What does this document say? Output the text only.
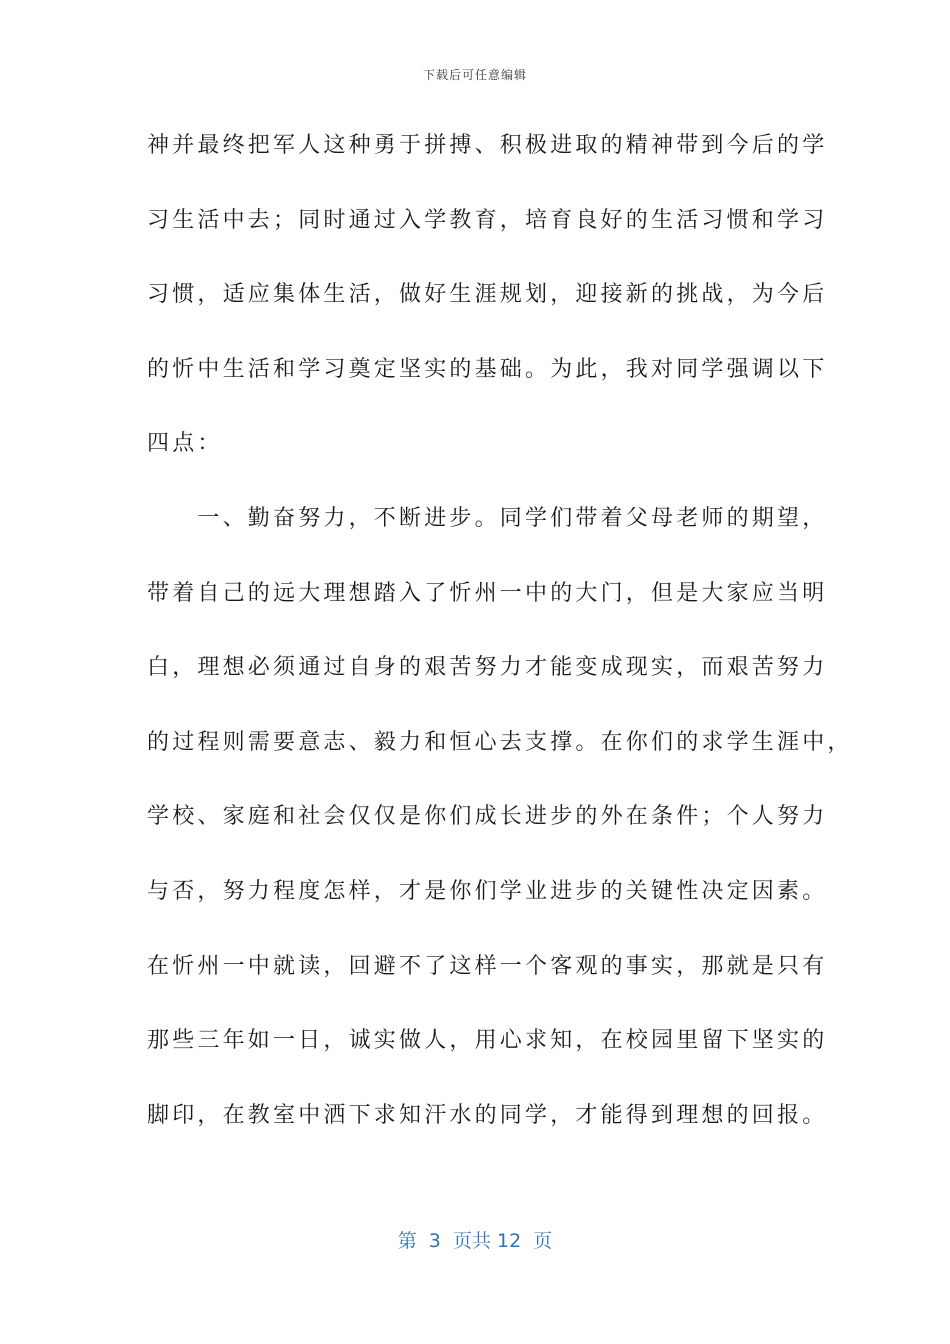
下载后可任意编辑
神并最终把军人这种勇于拼搏、积极进取的精神带到今后的学
习生活中去；同时通过入学教育，培育良好的生活习惯和学习
习惯，适应集体生活，做好生涯规划，迎接新的挑战，为今后
的忻中生活和学习奠定坚实的基础。为此，我对同学强调以下
四点：
　　一、勤奋努力，不断进步。同学们带着父母老师的期望，
带着自己的远大理想踏入了忻州一中的大门，但是大家应当明
白，理想必须通过自身的艰苦努力才能变成现实，而艰苦努力
的过程则需要意志、毅力和恒心去支撑。在你们的求学生涯中，
学校、家庭和社会仅仅是你们成长进步的外在条件；个人努力
与否，努力程度怎样，才是你们学业进步的关键性决定因素。
在忻州一中就读，回避不了这样一个客观的事实，那就是只有
那些三年如一日，诚实做人，用心求知，在校园里留下坚实的
脚印，在教室中洒下求知汗水的同学，才能得到理想的回报。
第  3  页共 12  页
